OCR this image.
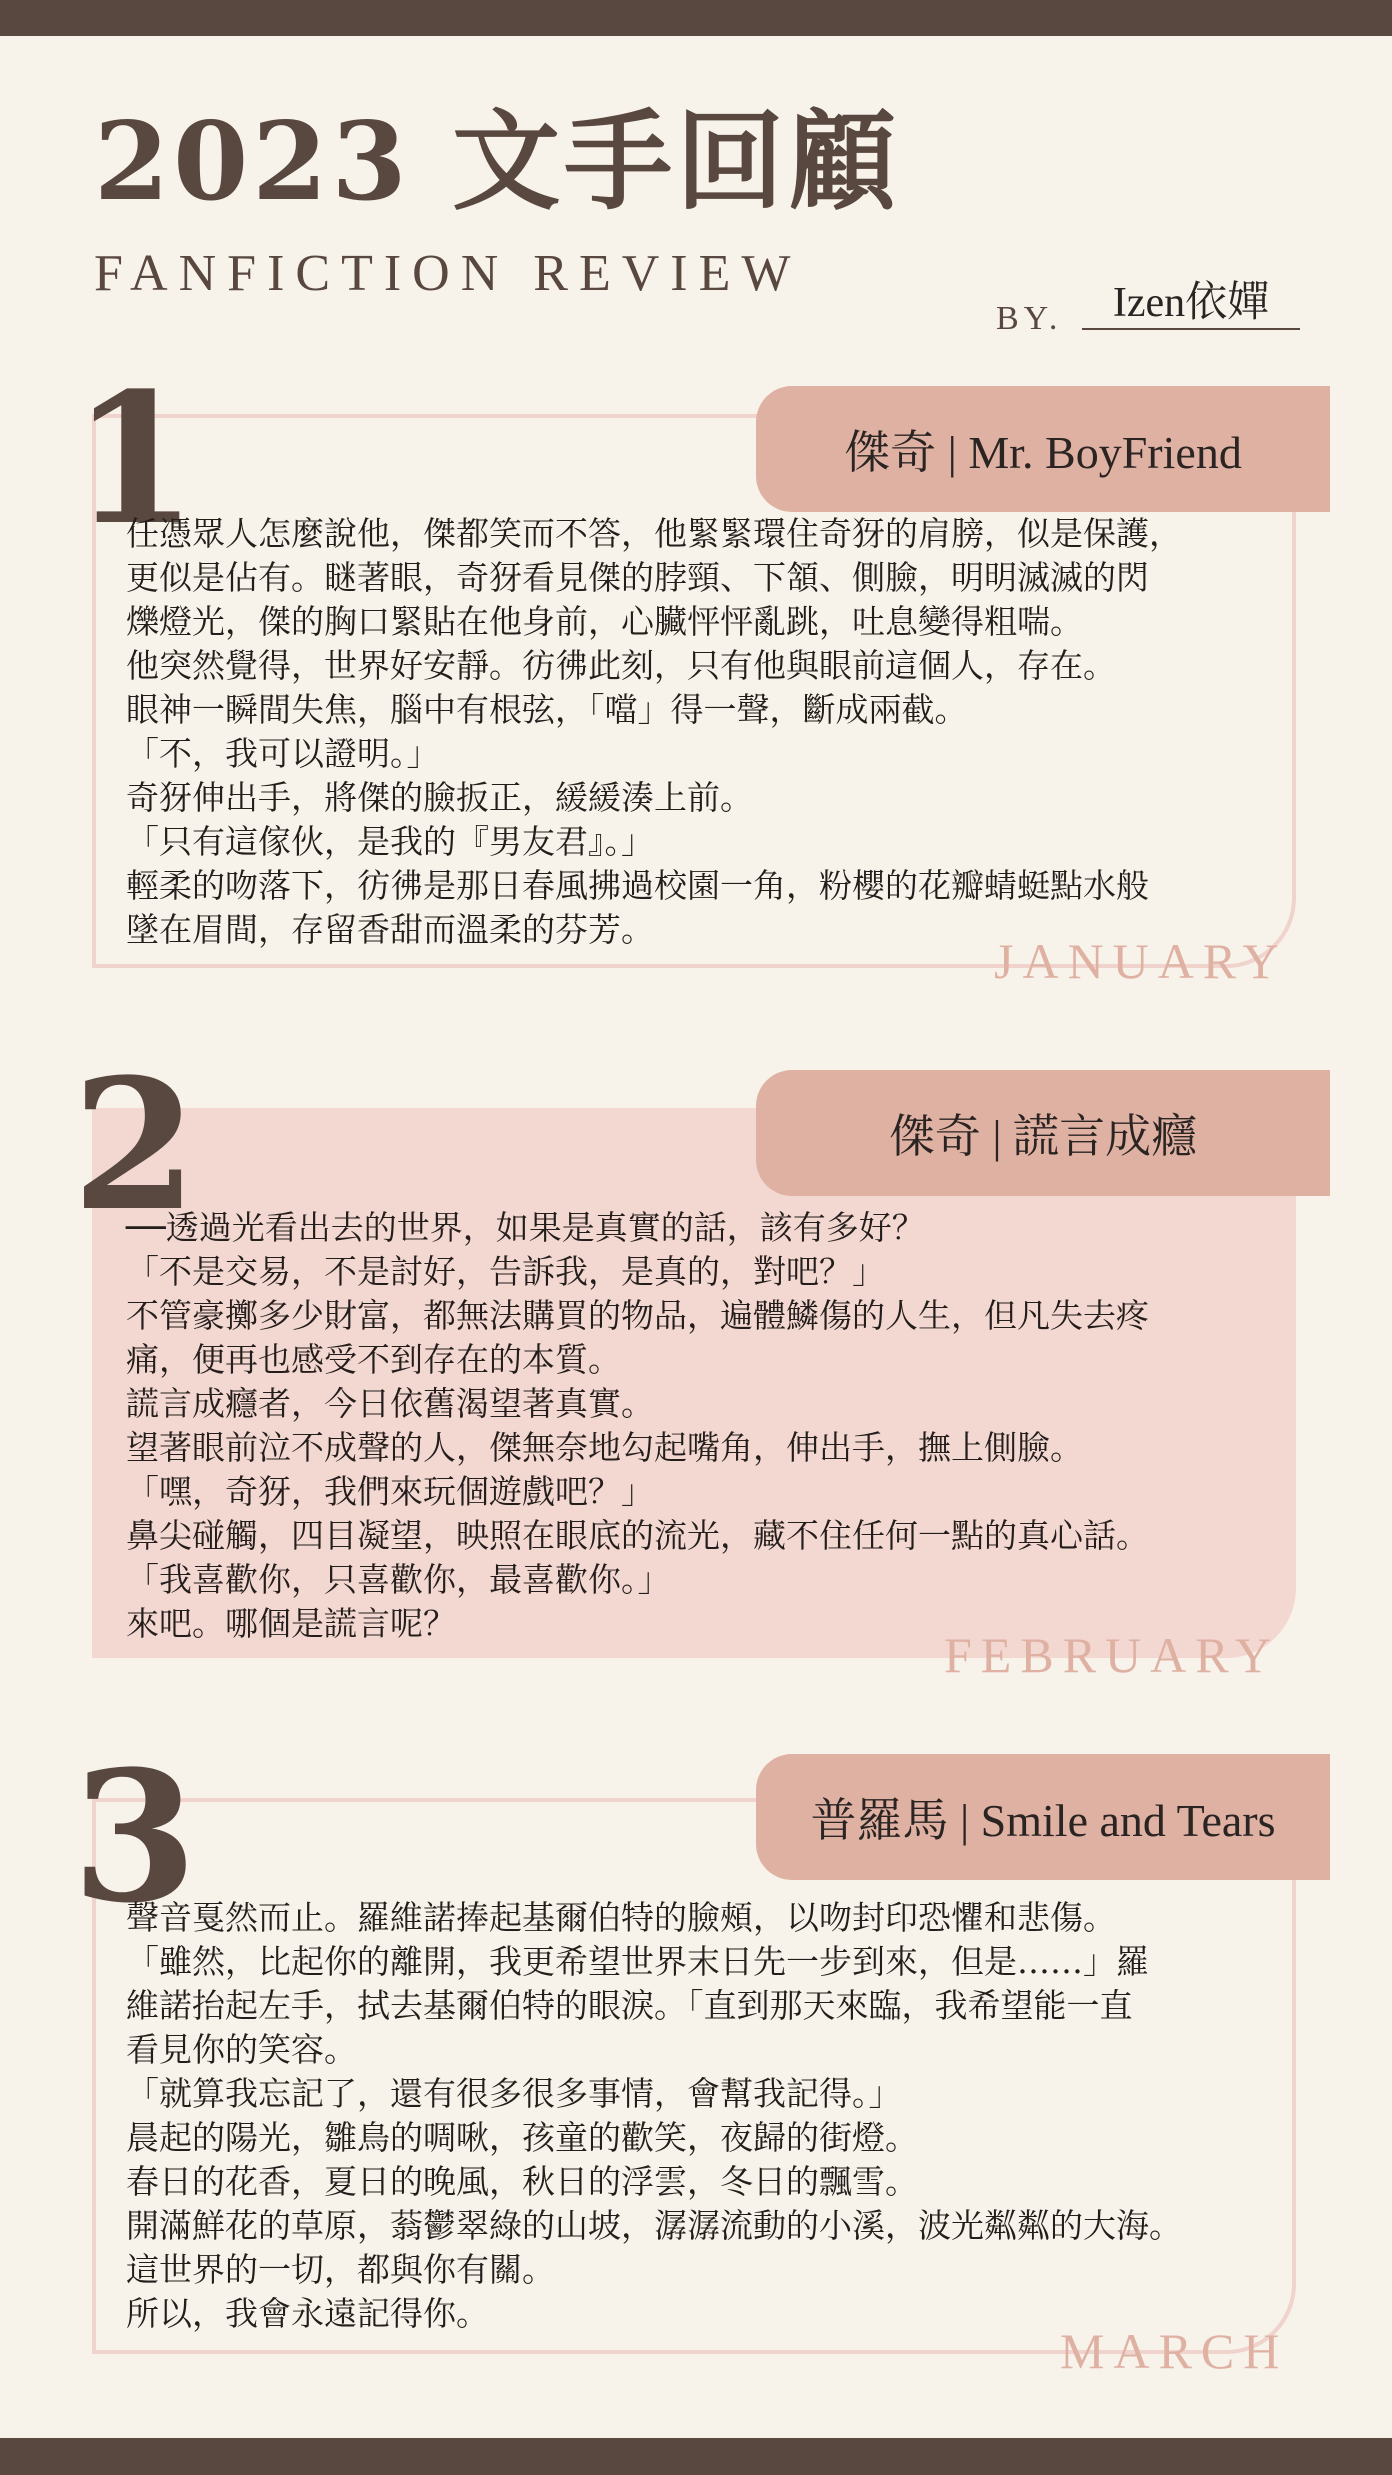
2023 文手回顧
FANFICTION REVIEW
BY.	Izen依嬋
1	傑奇 | Mr. BoyFriend

任憑眾人怎麼說他，傑都笑而不答，他緊緊環住奇犽的肩膀，似是保護，

更似是佔有。瞇著眼，奇犽看見傑的脖頸、下頷、側臉，明明滅滅的閃

爍燈光，傑的胸口緊貼在他身前，心臟怦怦亂跳，吐息變得粗喘。

他突然覺得，世界好安靜。彷彿此刻，只有他與眼前這個人，存在。

眼神一瞬間失焦，腦中有根弦，「噹」得一聲，斷成兩截。

「不，我可以證明。」

奇犽伸出手，將傑的臉扳正，緩緩湊上前。

「只有這傢伙，是我的『男友君』。」

輕柔的吻落下，彷彿是那日春風拂過校園一角，粉櫻的花瓣蜻蜓點水般

墜在眉間，存留香甜而溫柔的芬芳。

JANUARY
2	傑奇 | 謊言成癮

──透過光看出去的世界，如果是真實的話，該有多好？

「不是交易，不是討好，告訴我，是真的，對吧？」

不管豪擲多少財富，都無法購買的物品，遍體鱗傷的人生，但凡失去疼

痛，便再也感受不到存在的本質。

謊言成癮者，今日依舊渴望著真實。

望著眼前泣不成聲的人，傑無奈地勾起嘴角，伸出手，撫上側臉。

「嘿，奇犽，我們來玩個遊戲吧？」

鼻尖碰觸，四目凝望，映照在眼底的流光，藏不住任何一點的真心話。

「我喜歡你，只喜歡你，最喜歡你。」

來吧。哪個是謊言呢？

FEBRUARY
3	普羅馬 | Smile and Tears

聲音戛然而止。羅維諾捧起基爾伯特的臉頰，以吻封印恐懼和悲傷。

「雖然，比起你的離開，我更希望世界末日先一步到來，但是……」羅

維諾抬起左手，拭去基爾伯特的眼淚。「直到那天來臨，我希望能一直

看見你的笑容。

「就算我忘記了，還有很多很多事情，會幫我記得。」

晨起的陽光，雛鳥的啁啾，孩童的歡笑，夜歸的街燈。

春日的花香，夏日的晚風，秋日的浮雲，冬日的飄雪。

開滿鮮花的草原，蓊鬱翠綠的山坡，潺潺流動的小溪，波光粼粼的大海。

這世界的一切，都與你有關。

所以，我會永遠記得你。

MARCH
